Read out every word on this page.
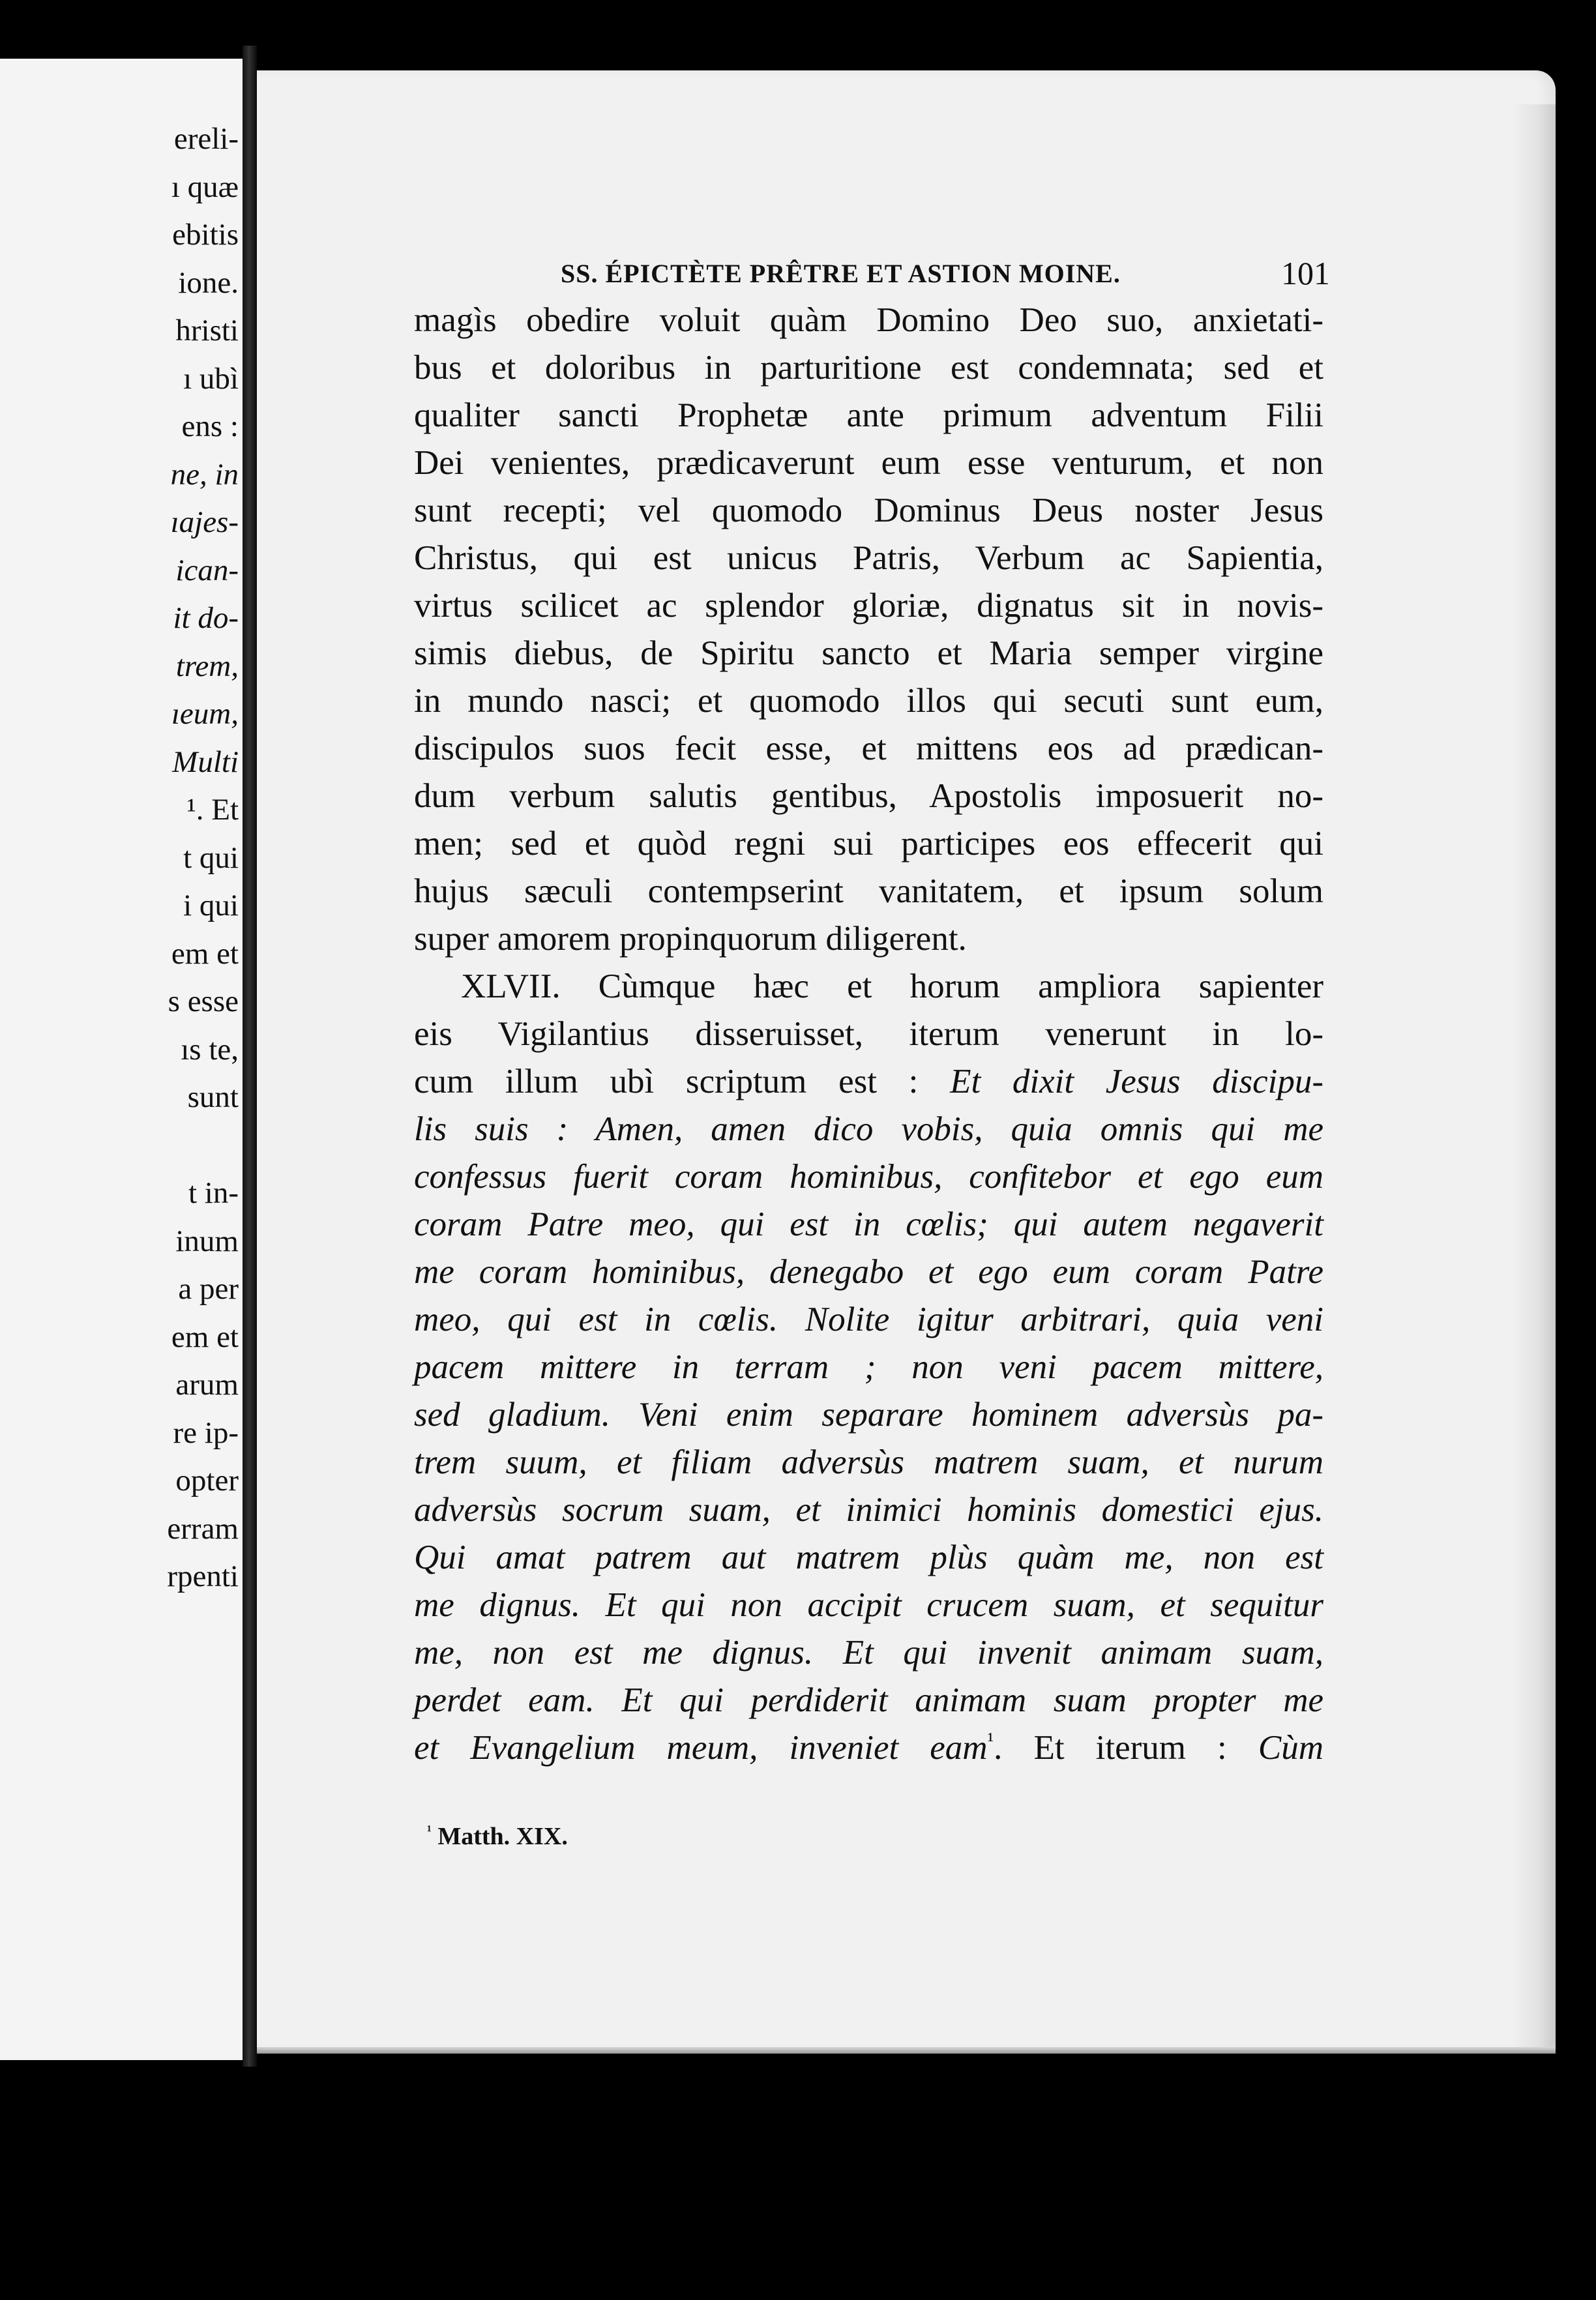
ereli-
ı quæ
ebitis
ione.
hristi
ı ubì
ens :
ne, in
ıajes-
ican-
it do-
trem,
ıeum,
Multi
¹. Et
t qui
i qui
em et
s esse
ıs te,
sunt
t in-
inum
a per
em et
arum
re ip-
opter
erram
rpenti
SS. ÉPICTÈTE PRÊTRE ET ASTION MOINE.	101
magìs obedire voluit quàm Domino Deo suo, anxietati-
bus et doloribus in parturitione est condemnata; sed et
qualiter sancti Prophetæ ante primum adventum Filii
Dei venientes, prædicaverunt eum esse venturum, et non
sunt recepti; vel quomodo Dominus Deus noster Jesus
Christus, qui est unicus Patris, Verbum ac Sapientia,
virtus scilicet ac splendor gloriæ, dignatus sit in novis-
simis diebus, de Spiritu sancto et Maria semper virgine
in mundo nasci; et quomodo illos qui secuti sunt eum,
discipulos suos fecit esse, et mittens eos ad prædican-
dum verbum salutis gentibus, Apostolis imposuerit no-
men; sed et quòd regni sui participes eos effecerit qui
hujus sæculi contempserint vanitatem, et ipsum solum
super amorem propinquorum diligerent.
XLVII. Cùmque hæc et horum ampliora sapienter
eis Vigilantius disseruisset, iterum venerunt in lo-
cum illum ubì scriptum est : Et dixit Jesus discipu-
lis suis : Amen, amen dico vobis, quia omnis qui me
confessus fuerit coram hominibus, confitebor et ego eum
coram Patre meo, qui est in cœlis; qui autem negaverit
me coram hominibus, denegabo et ego eum coram Patre
meo, qui est in cœlis. Nolite igitur arbitrari, quia veni
pacem mittere in terram ; non veni pacem mittere,
sed gladium. Veni enim separare hominem adversùs pa-
trem suum, et filiam adversùs matrem suam, et nurum
adversùs socrum suam, et inimici hominis domestici ejus.
Qui amat patrem aut matrem plùs quàm me, non est
me dignus. Et qui non accipit crucem suam, et sequitur
me, non est me dignus. Et qui invenit animam suam,
perdet eam. Et qui perdiderit animam suam propter me
et Evangelium meum, inveniet eam$^{^1}$. Et iterum : Cùm
$^{^1}$ Matth. XIX.
